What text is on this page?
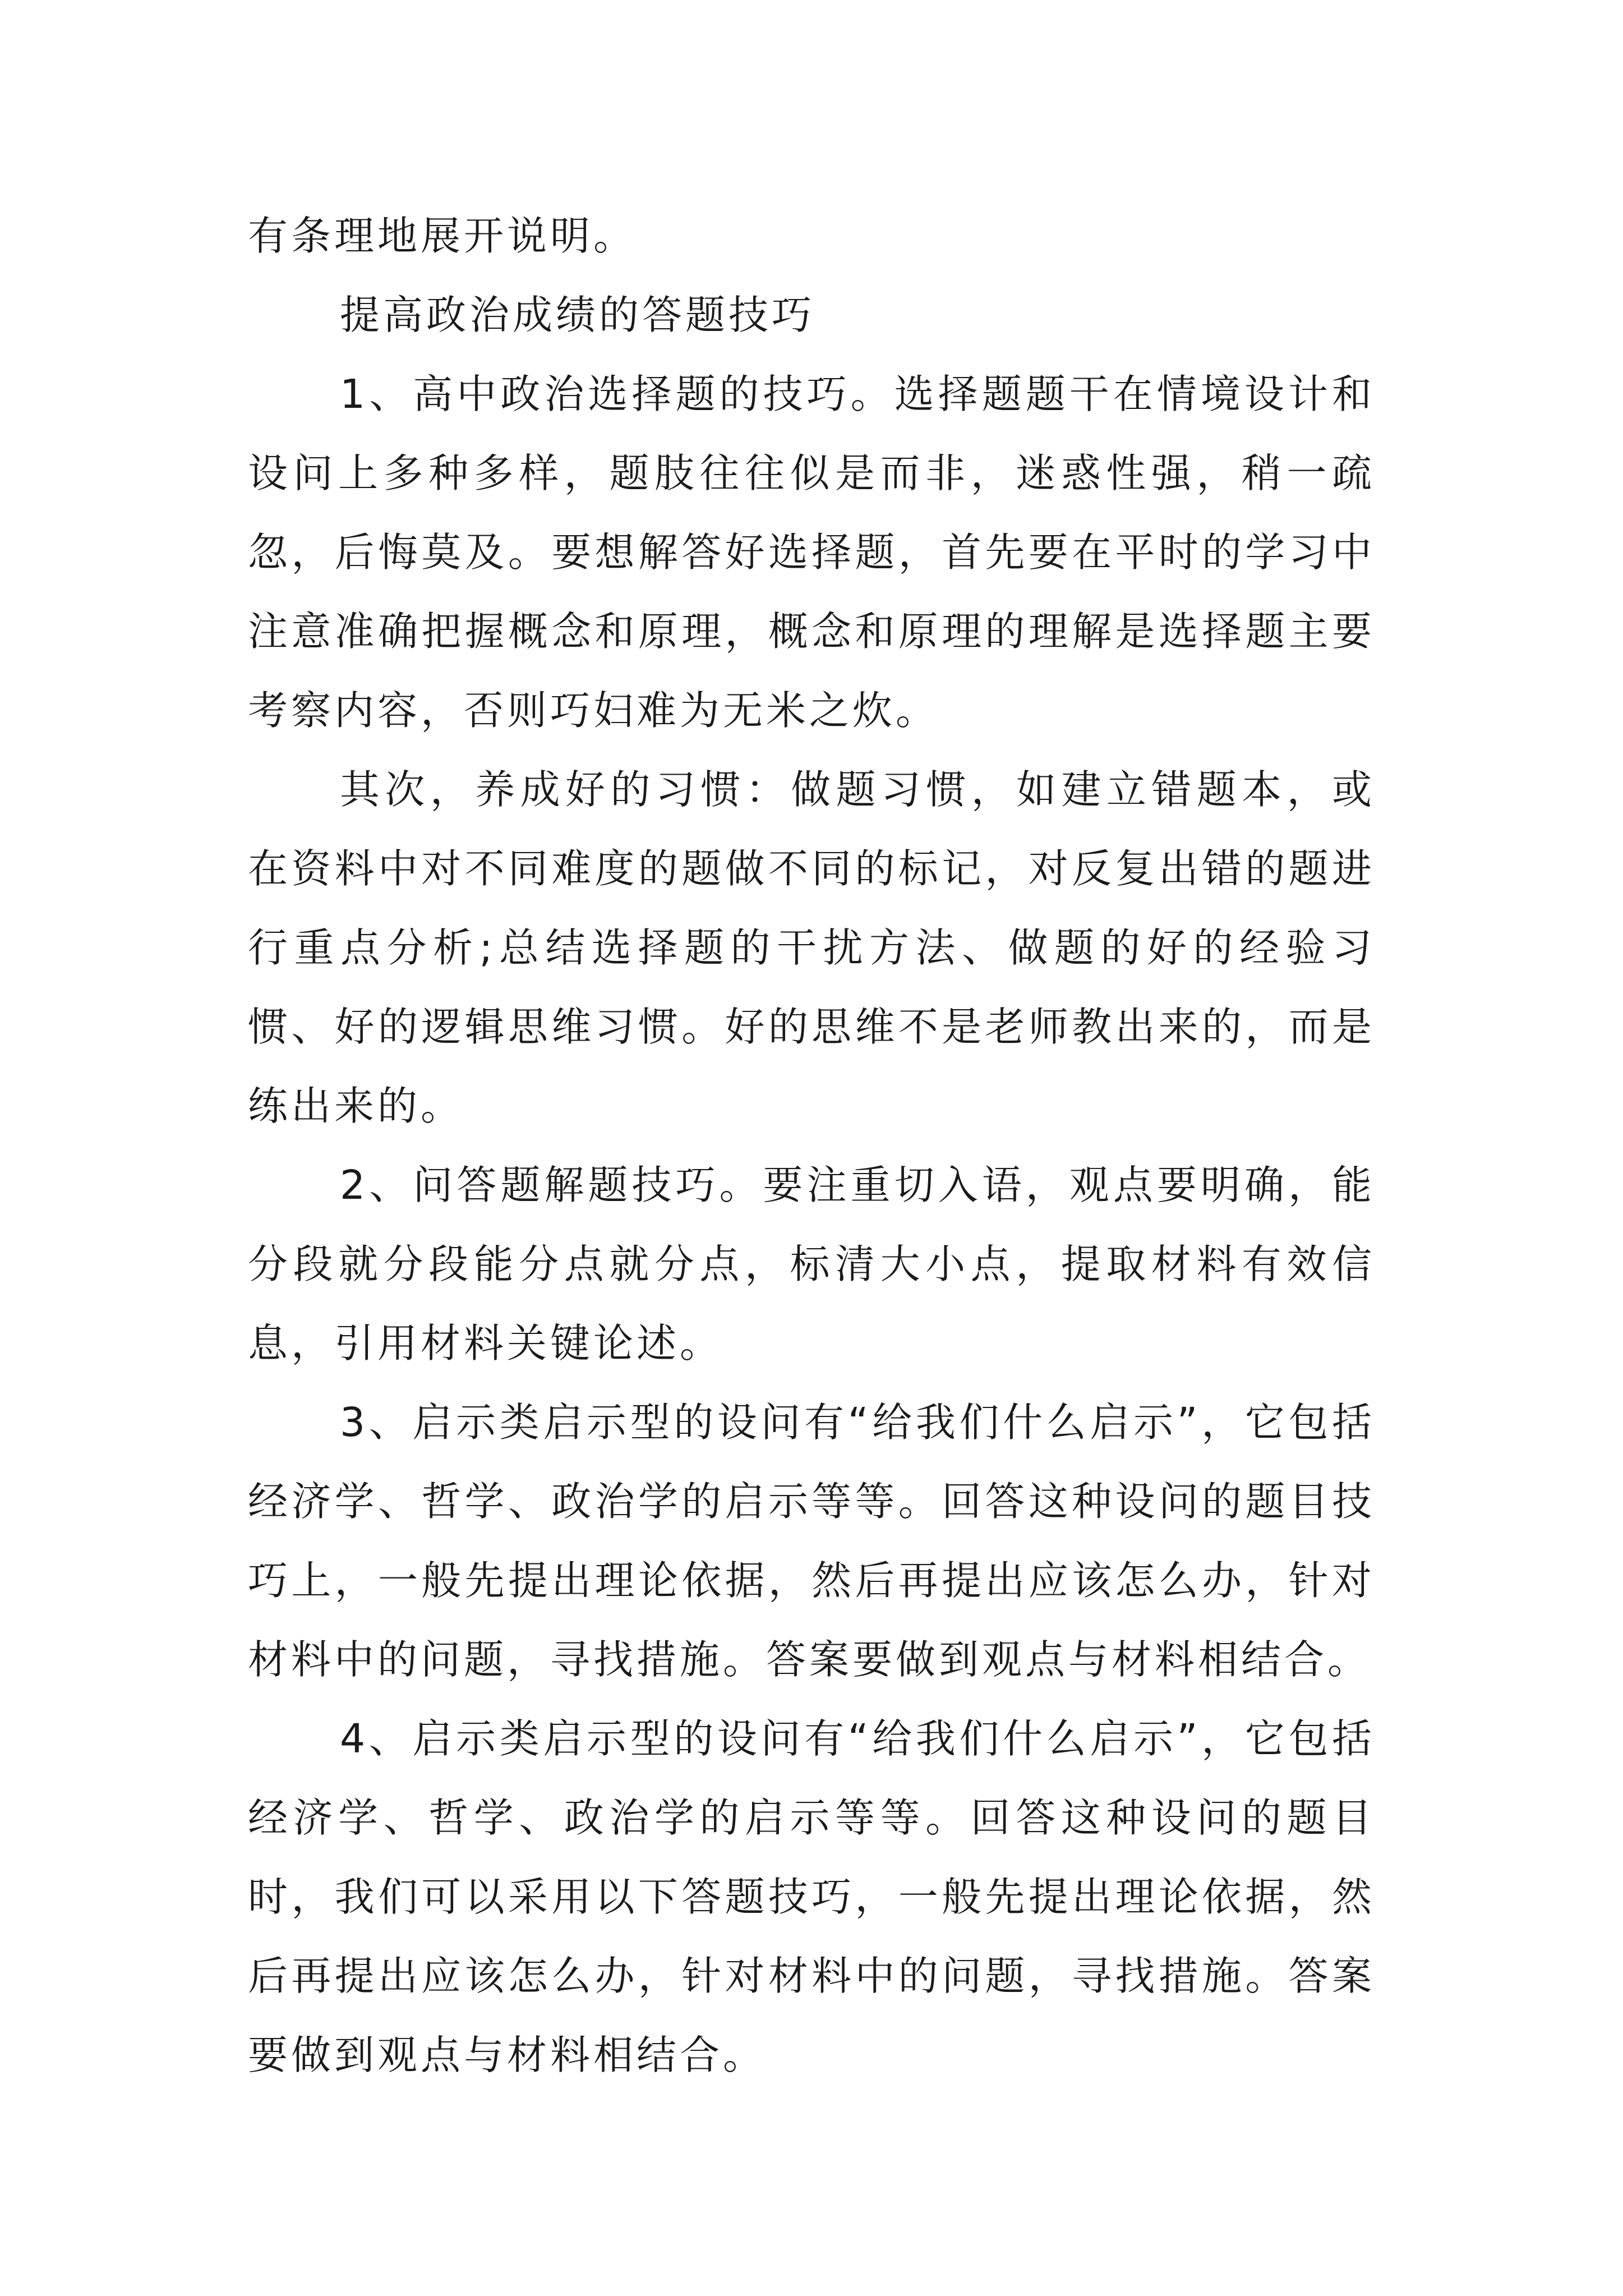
有条理地展开说明。

提高政治成绩的答题技巧

1、高中政治选择题的技巧。选择题题干在情境设计和设问上多种多样，题肢往往似是而非，迷惑性强，稍一疏忽，后悔莫及。要想解答好选择题，首先要在平时的学习中注意准确把握概念和原理，概念和原理的理解是选择题主要考察内容，否则巧妇难为无米之炊。

其次，养成好的习惯：做题习惯，如建立错题本，或在资料中对不同难度的题做不同的标记，对反复出错的题进行重点分析;总结选择题的干扰方法、做题的好的经验习惯、好的逻辑思维习惯。好的思维不是老师教出来的，而是练出来的。

2、问答题解题技巧。要注重切入语，观点要明确，能分段就分段能分点就分点，标清大小点，提取材料有效信息，引用材料关键论述。

3、启示类启示型的设问有“给我们什么启示”，它包括经济学、哲学、政治学的启示等等。回答这种设问的题目技巧上，一般先提出理论依据，然后再提出应该怎么办，针对材料中的问题，寻找措施。答案要做到观点与材料相结合。

4、启示类启示型的设问有“给我们什么启示”，它包括经济学、哲学、政治学的启示等等。回答这种设问的题目时，我们可以采用以下答题技巧，一般先提出理论依据，然后再提出应该怎么办，针对材料中的问题，寻找措施。答案要做到观点与材料相结合。
